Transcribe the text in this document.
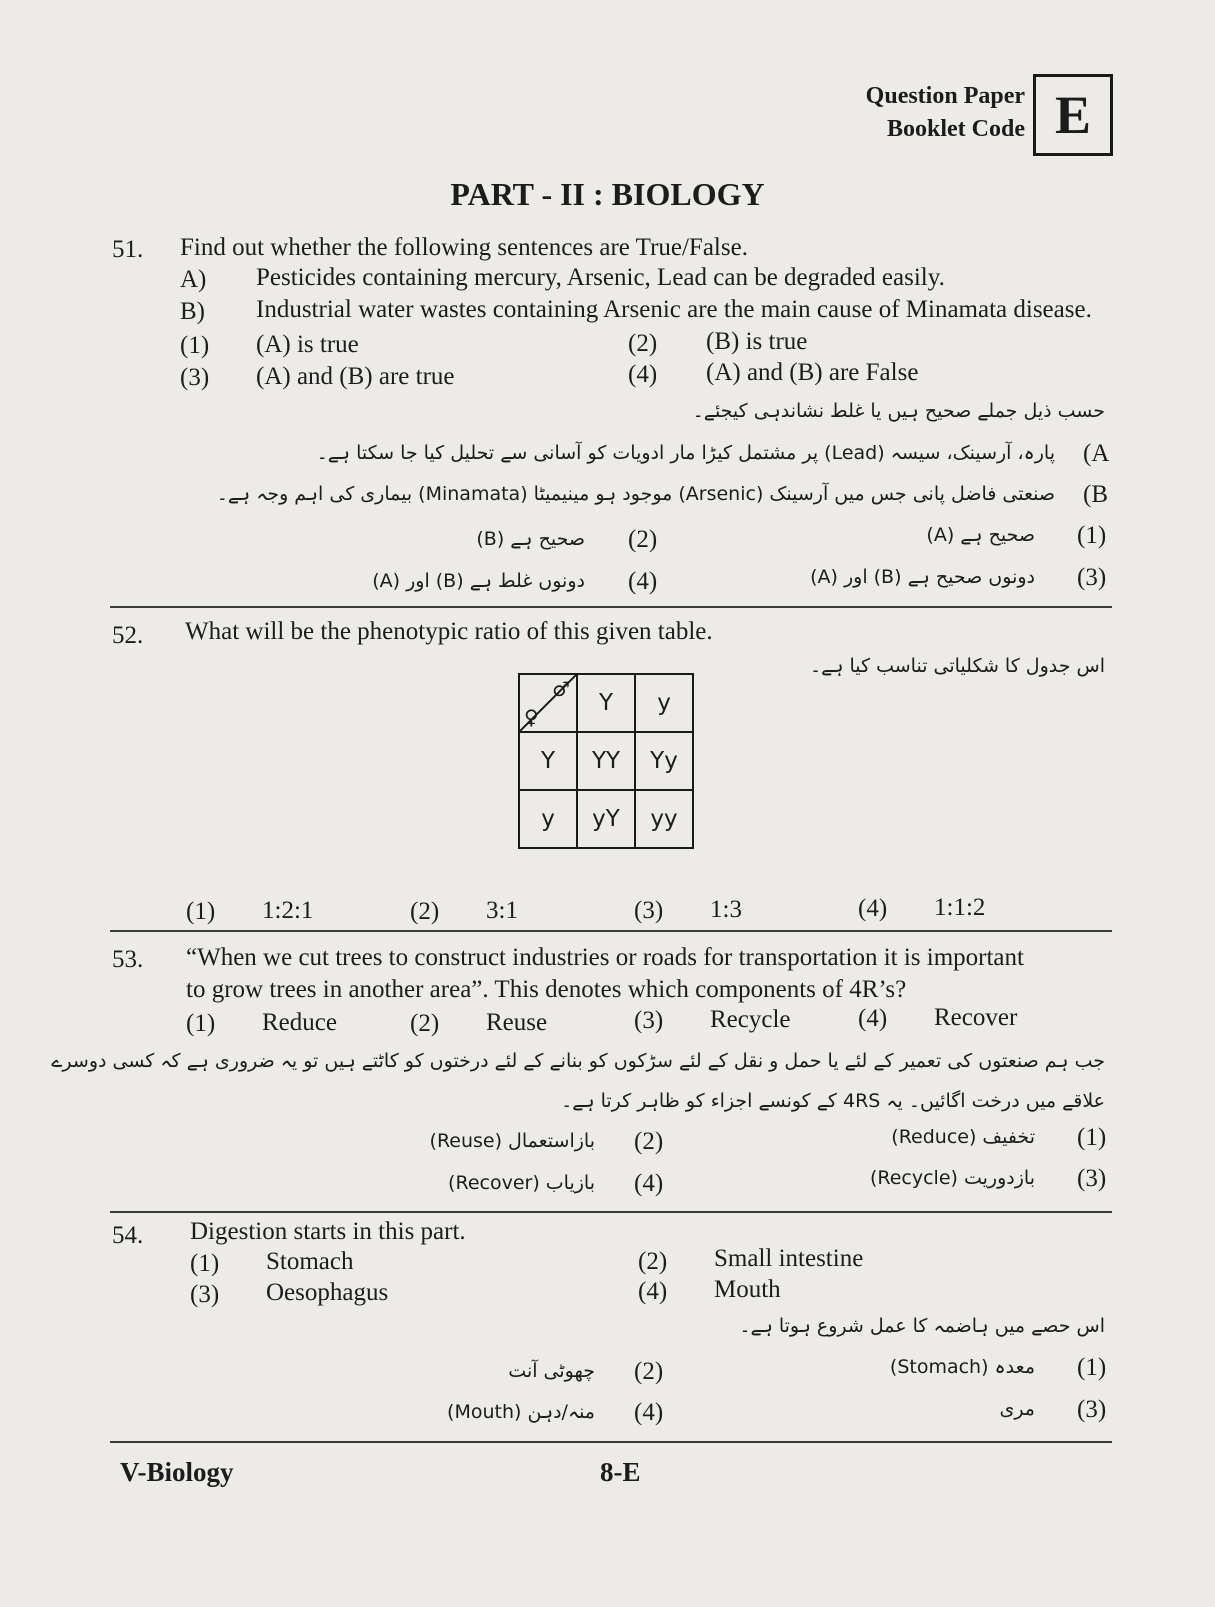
Question Paper
Booklet Code E
PART - II : BIOLOGY
51. Find out whether the following sentences are True/False.
A) Pesticides containing mercury, Arsenic, Lead can be degraded easily.
B) Industrial water wastes containing Arsenic are the main cause of Minamata disease.
(1) (A) is true	(2) (B) is true
(3) (A) and (B) are true	(4) (A) and (B) are False
حسب ذیل جملے صحیح ہیں یا غلط نشاندہی کیجئے۔
(A
پارہ، آرسینک، سیسہ (Lead) پر مشتمل کیڑا مار ادویات کو آسانی سے تحلیل کیا جا سکتا ہے۔
(B
صنعتی فاضل پانی جس میں آرسینک (Arsenic) موجود ہو مینیمیٹا (Minamata) بیماری کی اہم وجہ ہے۔
(1)
(A) صحیح ہے
(2)
(B) صحیح ہے
(3)
(A) اور (B) دونوں صحیح ہے
(4)
(A) اور (B) دونوں غلط ہے
52. What will be the phenotypic ratio of this given table.
اس جدول کا شکلیاتی تناسب کیا ہے۔
♂
♀	Y	y
Y	YY	Yy
y	yY	yy
(1) 1:2:1	(2) 3:1	(3) 1:3	(4) 1:1:2
53. “When we cut trees to construct industries or roads for transportation it is important
to grow trees in another area”. This denotes which components of 4R’s?
(1) Reduce	(2) Reuse	(3) Recycle	(4) Recover
جب ہم صنعتوں کی تعمیر کے لئے یا حمل و نقل کے لئے سڑکوں کو بنانے کے لئے درختوں کو کاٹتے ہیں تو یہ ضروری ہے کہ کسی دوسرے
علاقے میں درخت اگائیں۔ یہ 4RS کے کونسے اجزاء کو ظاہر کرتا ہے۔
(1)
تخفیف (Reduce)
(2)
بازاستعمال (Reuse)
(3)
بازدوریت (Recycle)
(4)
بازیاب (Recover)
54. Digestion starts in this part.
(1) Stomach	(2) Small intestine
(3) Oesophagus	(4) Mouth
اس حصے میں ہاضمہ کا عمل شروع ہوتا ہے۔
(1)
معدہ (Stomach)
(2)
چھوٹی آنت
(3)
مری
(4)
منہ/دہن (Mouth)
V-Biology	8-E
